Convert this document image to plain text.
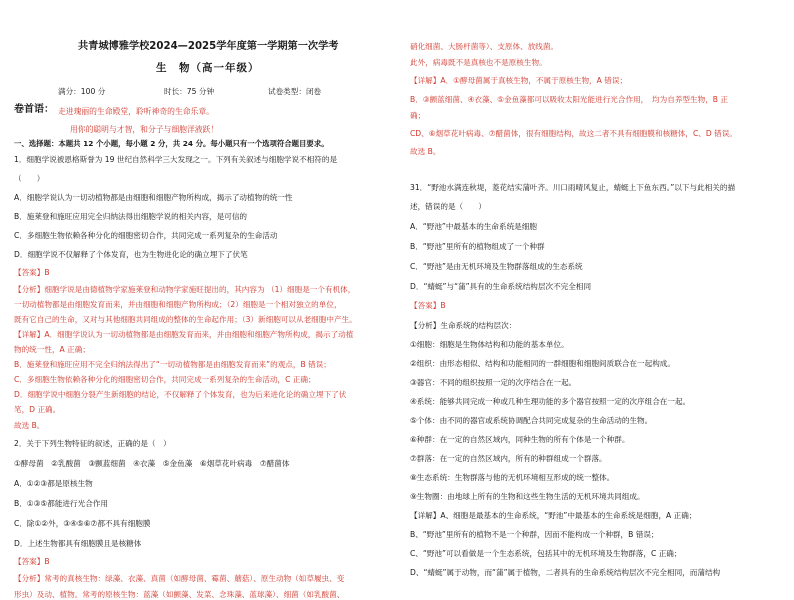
共青城博雅学校2024—2025学年度第一学期第一次学考
生　物（高一年级）
满分：100 分	时长：75 分钟	试卷类型：闭卷
卷首语： 走进瑰丽的生命殿堂，聆听神奇的生命乐章。
用你的聪明与才智，和分子与细胞洋液跃！
一、选择题：本题共 12 个小题，每小题 2 分，共 24 分。每小题只有一个选项符合题目要求。
1．细胞学说被恩格斯誉为 19 世纪自然科学三大发现之一。下列有关叙述与细胞学说不相符的是
（　　）
A．细胞学说认为一切动植物都是由细胞和细胞产物所构成，揭示了动植物的统一性
B．施莱登和施旺应用完全归纳法得出细胞学说的相关内容，是可信的
C．多细胞生物依赖各种分化的细胞密切合作，共同完成一系列复杂的生命活动
D．细胞学说不仅解释了个体发育，也为生物进化论的确立埋下了伏笔
【答案】B
【分析】细胞学说是由德植物学家施莱登和动物学家施旺提出的，其内容为 （1）细胞是一个有机体，
一切动植物都是由细胞发育而来，并由细胞和细胞产物所构成；（2）细胞是一个相对独立的单位，
既有它自己的生命，又对与其他细胞共同组成的整体的生命起作用；（3）新细胞可以从老细胞中产生。
【详解】A．细胞学说认为一切动植物都是由细胞发育而来，并由细胞和细胞产物所构成，揭示了动植
物的统一性，A 正确；
B．施莱登和施旺应用不完全归纳法得出了“一切动植物都是由细胞发育而来”的观点，B 错误；
C．多细胞生物依赖各种分化的细胞密切合作，共同完成一系列复杂的生命活动，C 正确；
D．细胞学说中细胞分裂产生新细胞的结论，不仅解释了个体发育，也为后来进化论的确立埋下了伏
笔，D 正确。
故选 B。
2．关于下列生物特征的叙述，正确的是（　）
①酵母菌　②乳酸菌　③颤蓝细菌　④衣藻　⑤金鱼藻　⑥烟草花叶病毒　⑦醋菌体
A．①②③都是原核生物
B．①③⑤都能进行光合作用
C．除①②外，③④⑤⑥⑦都不具有细胞膜
D．上述生物都具有细胞膜且是核糖体
【答案】B
【分析】常考的真核生物：绿藻、衣藻、真菌（如酵母菌、霉菌、蘑菇）、原生动物（如草履虫、变
形虫）及动、植物。常考的原核生物：蓝藻（如颤藻、发菜、念珠藻、蓝球藻）、细菌（如乳酸菌、
硝化细菌、大肠杆菌等）、支原体、放线菌。
此外，病毒既不是真核也不是原核生物。
【详解】A．①酵母菌属于真核生物，不属于原核生物，A 错误；
B．③颤蓝细菌、④衣藻、⑤金鱼藻都可以吸收太阳光能进行光合作用，　均为自养型生物，B 正
确；
CD、⑥烟草花叶病毒、⑦醋菌体，很有细胞结构，故这二者不具有细胞膜和核糖体，C、D 错误。
故选 B。
31．“野池水满连秋堤，菱花结实蒲叶齐。川口雨晴风复止，蜻蜓上下鱼东西。”以下与此相关的描
述，错误的是（　　）
A．“野池”中最基本的生命系统是细胞
B．“野池”里所有的植物组成了一个种群
C．“野池”是由无机环境及生物群落组成的生态系统
D．“蜻蜓”与“蒲”具有的生命系统结构层次不完全相同
【答案】B
【分析】生命系统的结构层次：
①细胞：细胞是生物体结构和功能的基本单位。
②组织：由形态相似、结构和功能相同的一群细胞和细胞间质联合在一起构成。
③器官：不同的组织按照一定的次序结合在一起。
④系统：能够共同完成一种或几种生理功能的多个器官按照一定的次序组合在一起。
⑤个体：由不同的器官或系统协调配合共同完成复杂的生命活动的生物。
⑥种群：在一定的自然区域内，同种生物的所有个体是一个种群。
⑦群落：在一定的自然区域内，所有的种群组成一个群落。
⑧生态系统：生物群落与他的无机环境相互形成的统一整体。
⑨生物圈：由地球上所有的生物和这些生物生活的无机环境共同组成。
【详解】A、细胞是最基本的生命系统，“野池”中最基本的生命系统是细胞，A 正确；
B、“野池”里所有的植物不是一个种群，因而不能构成一个种群，B 错误；
C、“野池”可以看做是一个生态系统，包括其中的无机环境及生物群落，C 正确；
D、“蜻蜓”属于动物，而“蒲”属于植物，二者具有的生命系统结构层次不完全相同，而蒲结构
